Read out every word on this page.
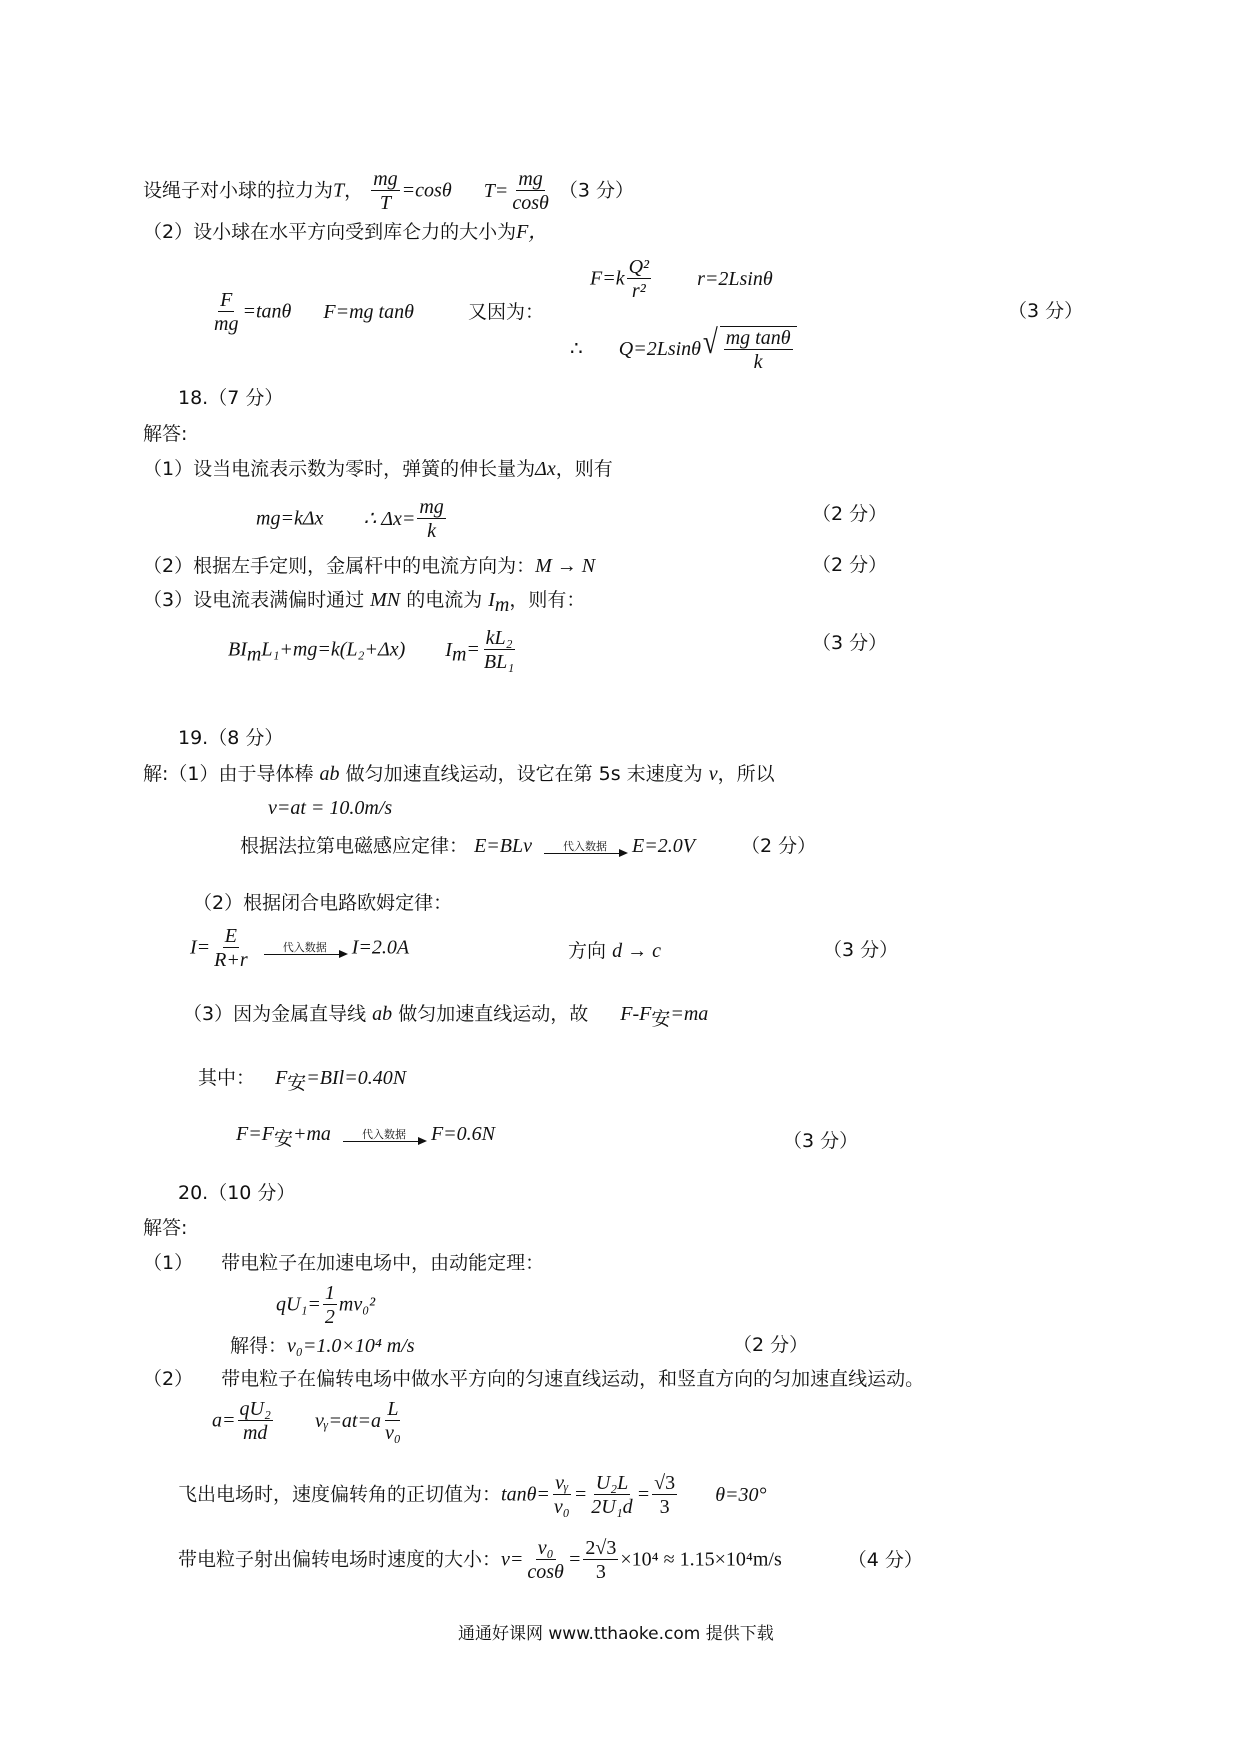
设绳子对小球的拉力为T， $\frac{mg}{T} =\cos\theta$ $T= \frac{mg}{\cos\theta} (3$ 分）
（2）设小球在水平方向受到库仑力的大小为F，
$F=k \frac{\text{Q²}}{\text{r²}} r=2Lsin\theta$
$\frac{F}{mg} =\tan\theta$ F=mg tanθ	又因为：	（3 分）
∴ Q=2Lsinθ √ $\frac{\text{mg tanθ}}{k}$
18.（7 分）
解答:
（1）设当电流表示数为零时，弹簧的伸长量为Δx，则有
mg=kΔx ∴ $\Delta x= \frac{mg}{k}$	（2 分）
（2）根据左手定则，金属杆中的电流方向为：M → N	（2 分）
（3）设电流表满偏时通过 MN 的电流为 $I_m$，则有：
$BI_mL_1+mg=k(L_2+\Delta x)$ $I_m= \frac{\text{kL₂}}{\text{BL₁}}$	（3 分）
19.（8 分）
解:（1）由于导体棒 ab 做匀加速直线运动，设它在第 5s 末速度为 v，所以
v=at = 10.0m/s
根据法拉第电磁感应定律： E=BLv	代入数据 E=2.0V （2 分）
（2）根据闭合电路欧姆定律：
$I= \frac{E}{R+r}$
	代入数据 I=2.0A	方向 d → c	（3 分）
（3）因为金属直导线 ab 做匀加速直线运动，故 $F-F_安=ma$
其中： $F_安=BIl=0.40N$
$F=F_安+ma$	代入数据 F=0.6N	（3 分）
20.（10 分）
解答:
（1） 带电粒子在加速电场中，由动能定理：
$qU_1= \frac{1}{2} mv_0^2$
解得：v₀=1.0×10⁴ m/s	（2 分）
（2） 带电粒子在偏转电场中做水平方向的匀速直线运动，和竖直方向的匀加速直线运动。
$a= \frac{\text{qU₂}}{md}$ vᵧ=at=a $\frac{L}{\text{v₀}}$
飞出电场时，速度偏转角的正切值为：$\tan\theta= \frac{\text{vᵧ}}{\text{v₀}} = \frac{\text{U₂L}}{\text{2U₁d}} = \frac{√3}{3} \theta=30^\circ$
带电粒子射出偏转电场时速度的大小：$v= \frac{\text{v₀}}{\cos\theta} = \frac{2√3}{3} \times 10^4 \approx 1.15\times 10^4m/s$	（4 分）
通通好课网 www.tthaoke.com 提供下载
